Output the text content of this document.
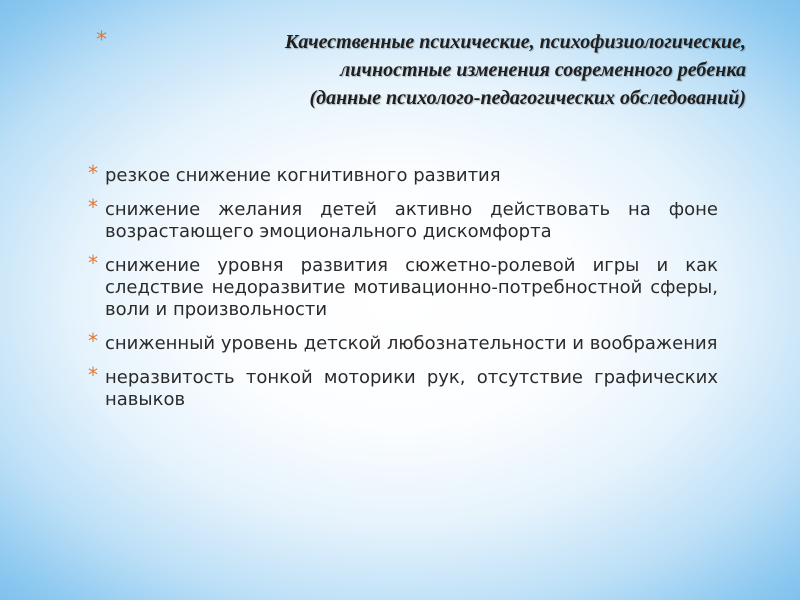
*	Качественные психические, психофизиологические,
личностные изменения современного ребенка
(данные психолого-педагогических обследований)

* резкое снижение когнитивного развития
* снижение желания детей активно действовать на фоне возрастающего эмоционального дискомфорта
* снижение уровня развития сюжетно-ролевой игры и как следствие недоразвитие мотивационно-потребностной сферы, воли и произвольности
* сниженный уровень детской любознательности и воображения
* неразвитость тонкой моторики рук, отсутствие графических навыков
